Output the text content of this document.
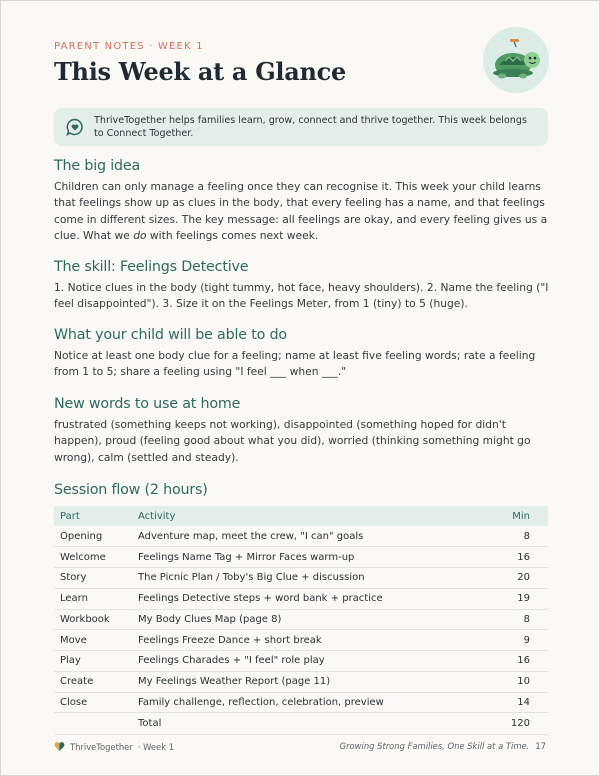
PARENT NOTES · WEEK 1
This Week at a Glance
ThriveTogether helps families learn, grow, connect and thrive together. This week belongs to Connect Together.
The big idea

Children can only manage a feeling once they can recognise it. This week your child learns that feelings show up as clues in the body, that every feeling has a name, and that feelings come in different sizes. The key message: all feelings are okay, and every feeling gives us a clue. What we do with feelings comes next week.

The skill: Feelings Detective

1. Notice clues in the body (tight tummy, hot face, heavy shoulders). 2. Name the feeling ("I feel disappointed"). 3. Size it on the Feelings Meter, from 1 (tiny) to 5 (huge).

What your child will be able to do

Notice at least one body clue for a feeling; name at least five feeling words; rate a feeling from 1 to 5; share a feeling using "I feel ___ when ___."

New words to use at home

frustrated (something keeps not working), disappointed (something hoped for didn't happen), proud (feeling good about what you did), worried (thinking something might go wrong), calm (settled and steady).

Session flow (2 hours)
Part	Activity	Min
Opening	Adventure map, meet the crew, "I can" goals	8
Welcome	Feelings Name Tag + Mirror Faces warm-up	16
Story	The Picnic Plan / Toby's Big Clue + discussion	20
Learn	Feelings Detective steps + word bank + practice	19
Workbook	My Body Clues Map (page 8)	8
Move	Feelings Freeze Dance + short break	9
Play	Feelings Charades + "I feel" role play	16
Create	My Feelings Weather Report (page 11)	10
Close	Family challenge, reflection, celebration, preview	14
	Total	120
ThriveTogether · Week 1	Growing Strong Families, One Skill at a Time. 17
